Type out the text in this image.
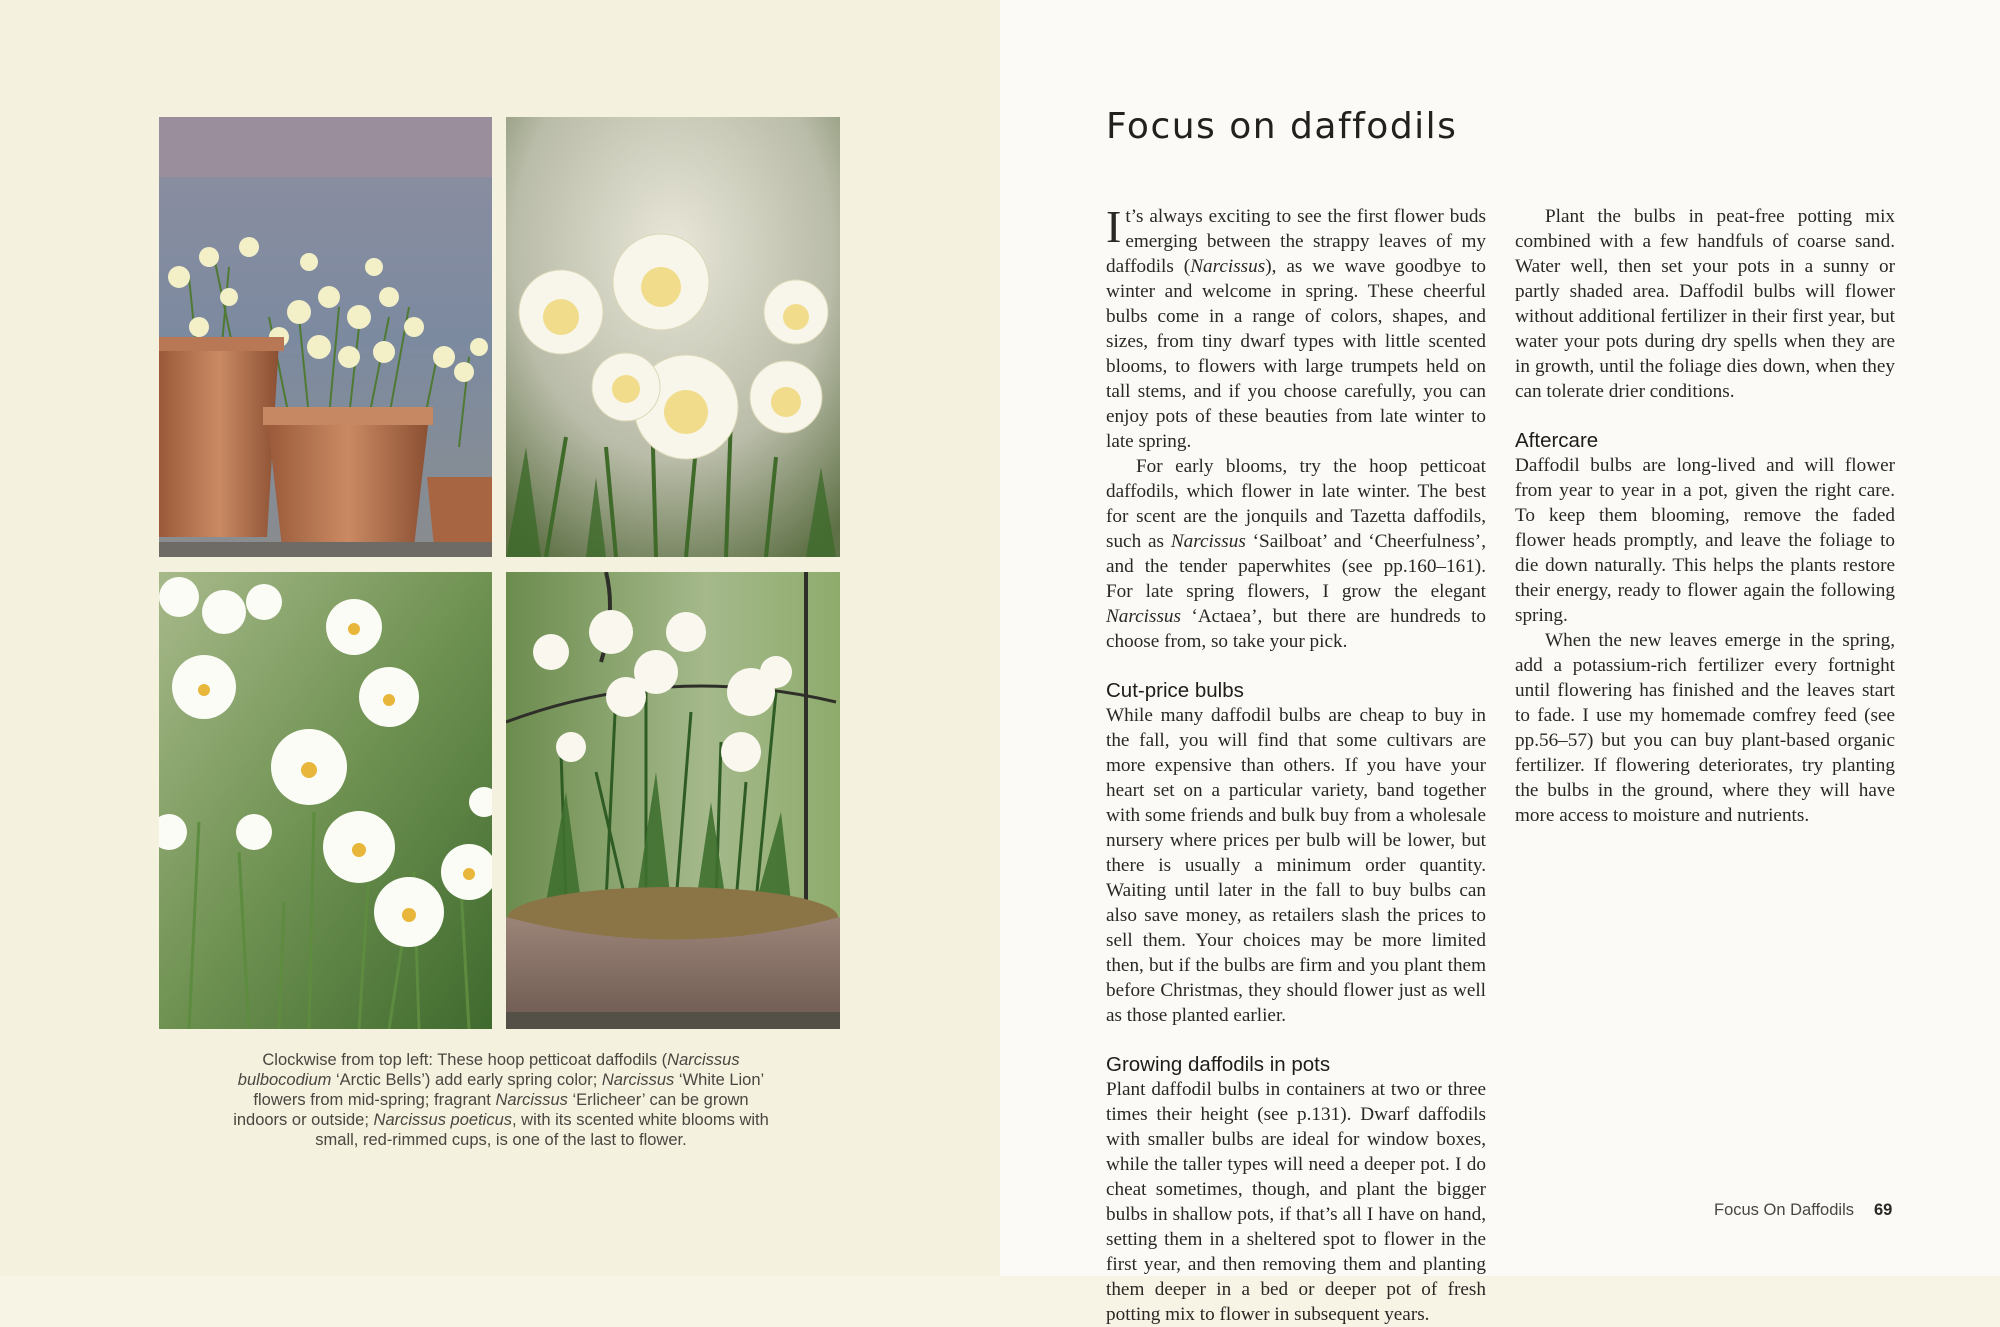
Clockwise from top left: These hoop petticoat daffodils (Narcissus bulbocodium ‘Arctic Bells’) add early spring color; Narcissus ‘White Lion’ flowers from mid-spring; fragrant Narcissus ‘Erlicheer’ can be grown indoors or outside; Narcissus poeticus, with its scented white blooms with small, red-rimmed cups, is one of the last to flower.
Focus on daffodils

It’s always exciting to see the first flower buds emerging between the strappy leaves of my daffodils (Narcissus), as we wave goodbye to winter and welcome in spring. These cheerful bulbs come in a range of colors, shapes, and sizes, from tiny dwarf types with little scented blooms, to flowers with large trumpets held on tall stems, and if you choose carefully, you can enjoy pots of these beauties from late winter to late spring.

For early blooms, try the hoop petticoat daffodils, which flower in late winter. The best for scent are the jonquils and Tazetta daffodils, such as Narcissus ‘Sailboat’ and ‘Cheerfulness’, and the tender paperwhites (see pp.160–161). For late spring flowers, I grow the elegant Narcissus ‘Actaea’, but there are hundreds to choose from, so take your pick.

Cut-price bulbs

While many daffodil bulbs are cheap to buy in the fall, you will find that some cultivars are more expensive than others. If you have your heart set on a particular variety, band together with some friends and bulk buy from a wholesale nursery where prices per bulb will be lower, but there is usually a minimum order quantity. Waiting until later in the fall to buy bulbs can also save money, as retailers slash the prices to sell them. Your choices may be more limited then, but if the bulbs are firm and you plant them before Christmas, they should flower just as well as those planted earlier.

Growing daffodils in pots

Plant daffodil bulbs in containers at two or three times their height (see p.131). Dwarf daffodils with smaller bulbs are ideal for window boxes, while the taller types will need a deeper pot. I do cheat sometimes, though, and plant the bigger bulbs in shallow pots, if that’s all I have on hand, setting them in a sheltered spot to flower in the first year, and then removing them and planting them deeper in a bed or deeper pot of fresh potting mix to flower in subsequent years.

Plant the bulbs in peat-free potting mix combined with a few handfuls of coarse sand. Water well, then set your pots in a sunny or partly shaded area. Daffodil bulbs will flower without additional fertilizer in their first year, but water your pots during dry spells when they are in growth, until the foliage dies down, when they can tolerate drier conditions.

Aftercare

Daffodil bulbs are long-lived and will flower from year to year in a pot, given the right care. To keep them blooming, remove the faded flower heads promptly, and leave the foliage to die down naturally. This helps the plants restore their energy, ready to flower again the following spring.

When the new leaves emerge in the spring, add a potassium-rich fertilizer every fortnight until flowering has finished and the leaves start to fade. I use my homemade comfrey feed (see pp.56–57) but you can buy plant-based organic fertilizer. If flowering deteriorates, try planting the bulbs in the ground, where they will have more access to moisture and nutrients.

Focus On Daffodils 69
